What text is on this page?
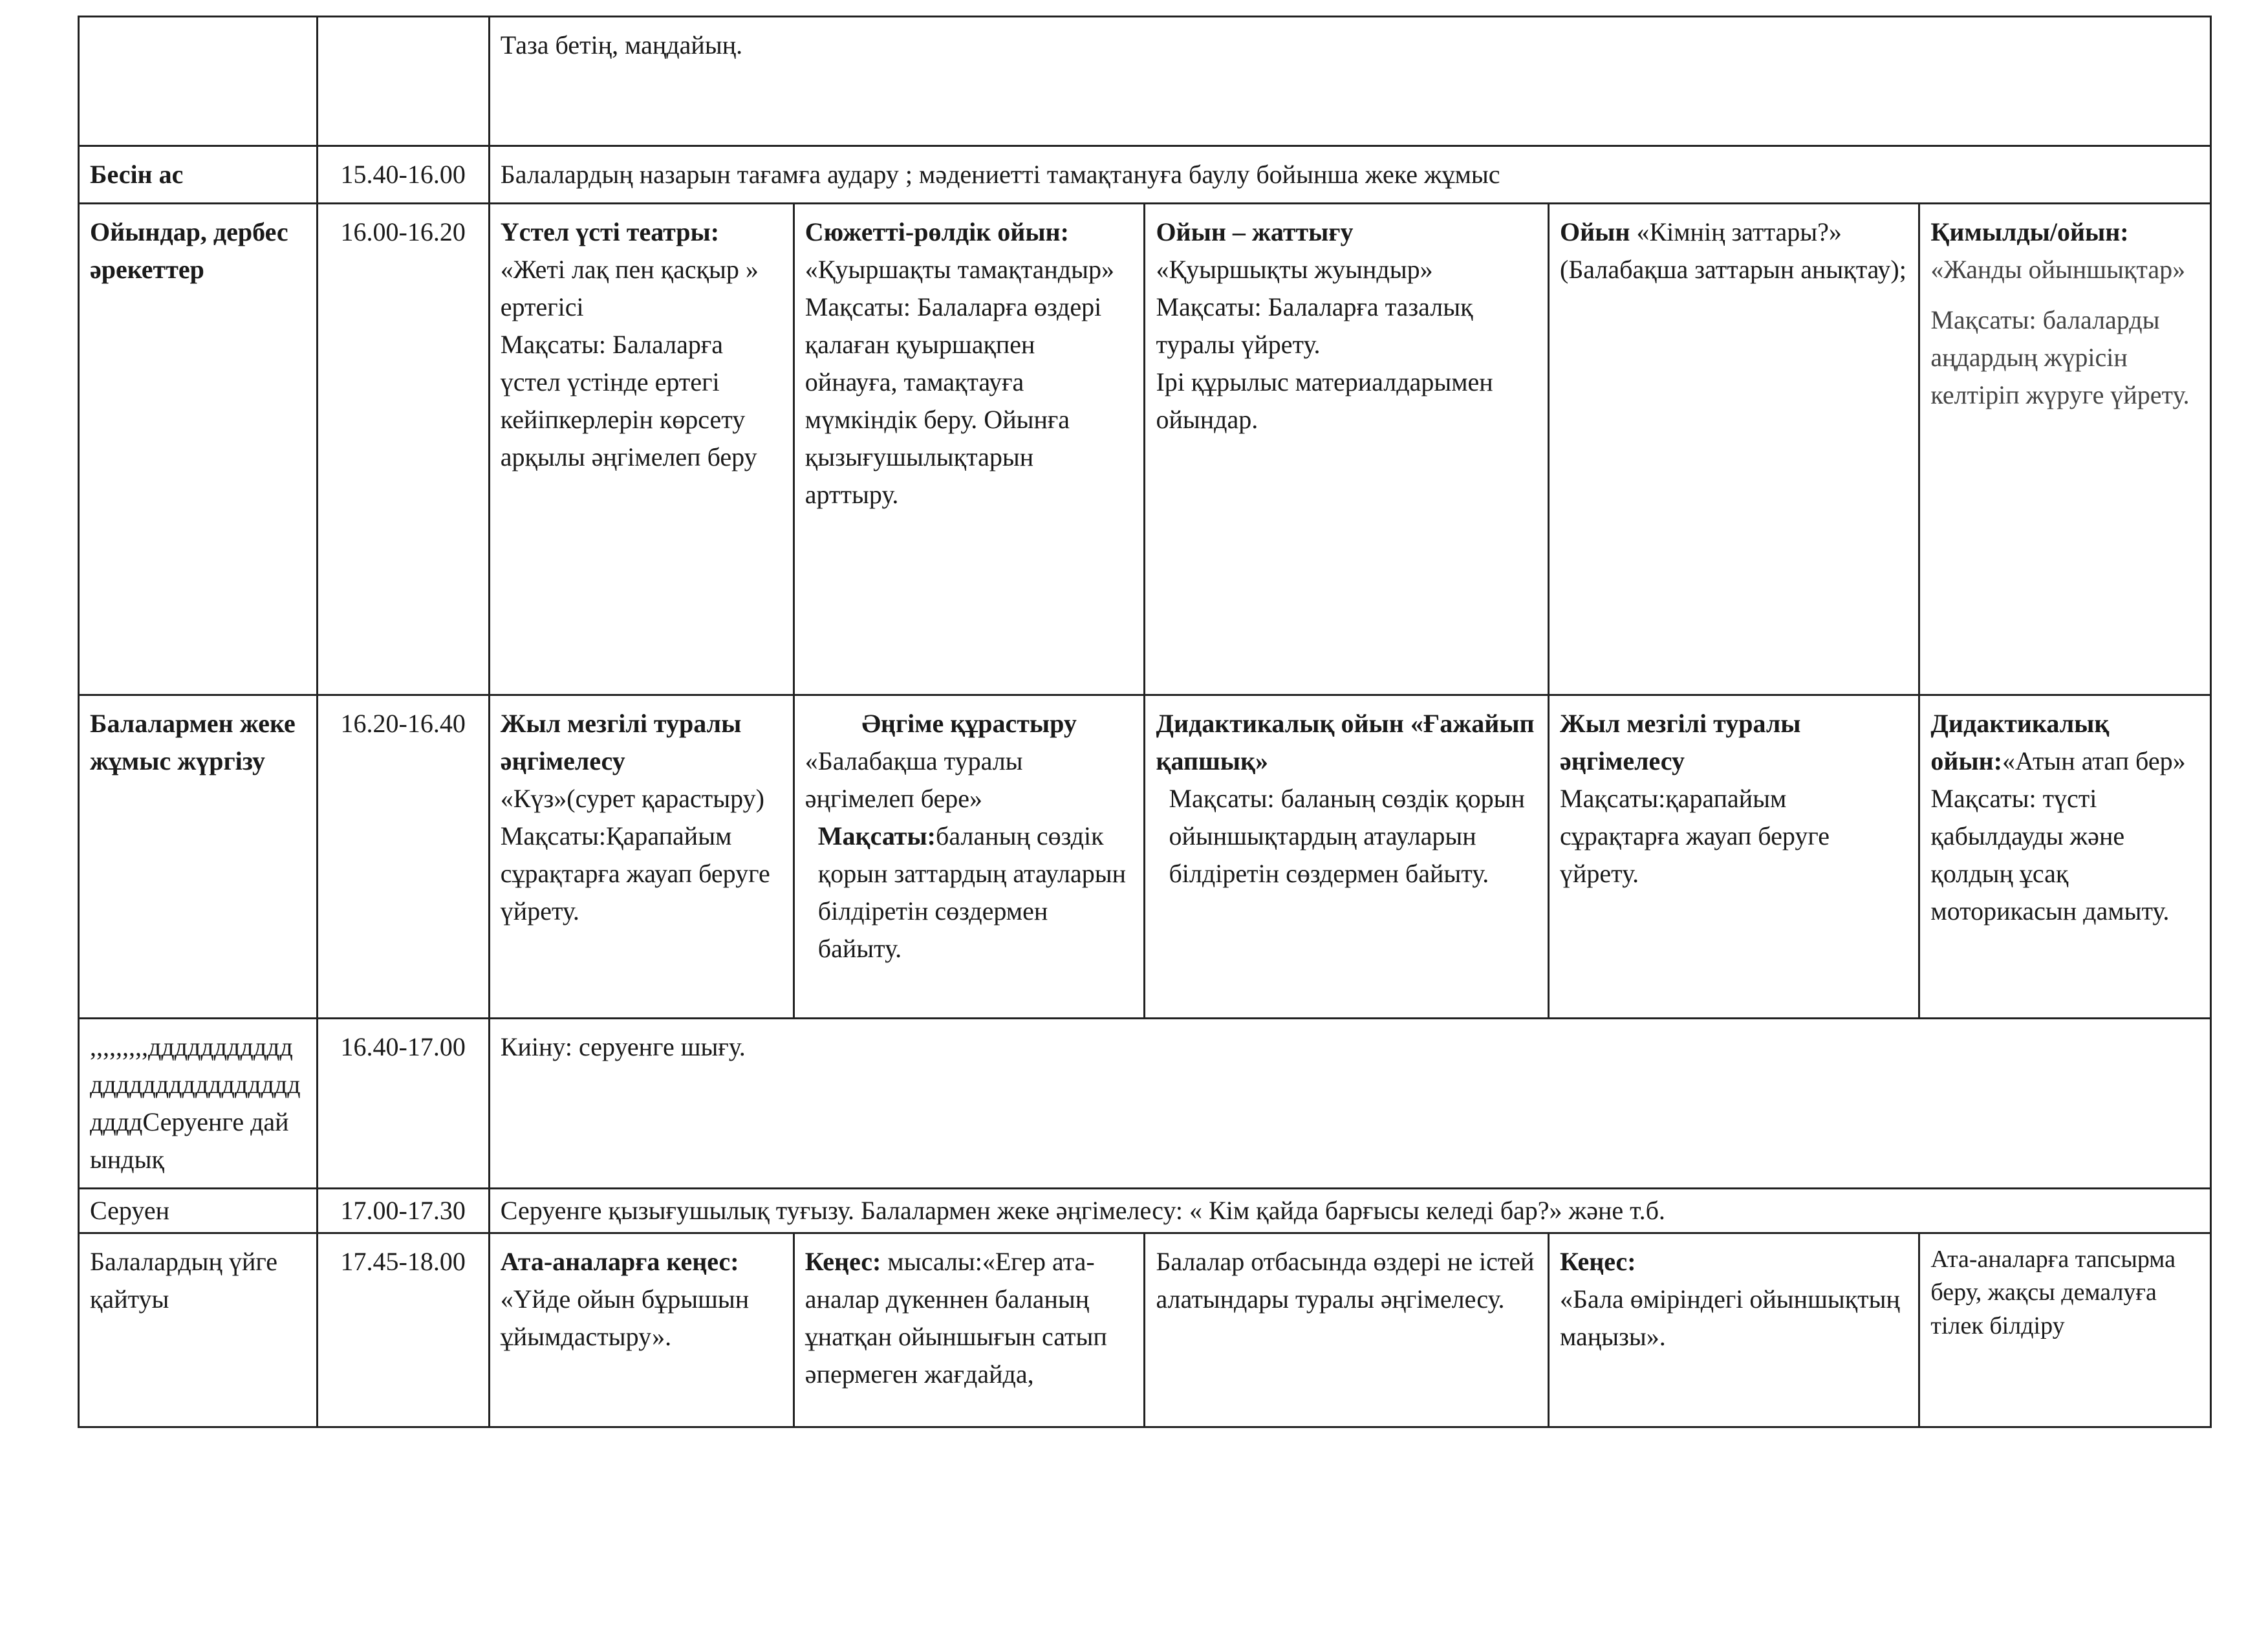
		Таза бетің, маңдайың.				

Бесін ас	15.40-16.00	Балалардың назарын тағамға аудару ; мәдениетті тамақтануға баулу бойынша жеке жұмыс				

Ойындар, дербес әрекеттер	16.00-16.20	Үстел үсті театры:
«Жеті лақ пен қасқыр » ертегісі
Мақсаты: Балаларға үстел үстінде ертегі кейіпкерлерін көрсету арқылы әңгімелеп беру	Сюжетті-рөлдік ойын:
«Қуыршақты тамақтандыр»
Мақсаты: Балаларға өздері қалаған қуыршақпен ойнауға, тамақтауға мүмкіндік беру. Ойынға қызығушылықтарын арттыру.	Ойын – жаттығу
«Қуыршықты жуындыр»
Мақсаты: Балаларға тазалық туралы үйрету.
Ірі құрылыс материалдарымен ойындар.	Ойын «Кімнің заттары?» (Балабақша заттарын анықтау);	Қимылды/ойын:
«Жанды ойыншықтар»
Мақсаты: балаларды аңдардың жүрісін келтіріп жүруге үйрету.

Балалармен жеке жұмыс жүргізу	16.20-16.40	Жыл мезгілі туралы әңгімелесу
«Күз»(сурет қарастыру)
Мақсаты:Қарапайым сұрақтарға жауап беруге үйрету.	Әңгіме құрастыру
«Балабақша туралы әңгімелеп бере»
Мақсаты:баланың сөздік қорын заттардың атауларын білдіретін сөздермен байыту.	Дидактикалық ойын «Ғажайып қапшық»
Мақсаты: баланың сөздік қорын ойыншықтардың атауларын білдіретін сөздермен байыту.	Жыл мезгілі туралы әңгімелесу
Мақсаты:қарапайым сұрақтарға жауап беруге үйрету.	Дидактикалық ойын:«Атын атап бер»
Мақсаты: түсті қабылдауды және қолдың ұсақ моторикасын дамыту.

,,,,,,,,,дддддддддддддддддддддддддддддддСеруенге дайындық	16.40-17.00	Киіну: серуенге шығу.				
Серуен	17.00-17.30	Серуенге қызығушылық туғызу. Балалармен жеке әңгімелесу: « Кім қайда барғысы келеді бар?» және т.б.				
Балалардың үйге қайтуы	17.45-18.00	Ата-аналарға кеңес:
«Үйде ойын бұрышын ұйымдастыру».	Кеңес: мысалы:«Егер ата-аналар дүкеннен баланың ұнатқан ойыншығын сатып әпермеген жағдайда,	Балалар отбасында өздері не істей алатындары туралы әңгімелесу.	Кеңес:
«Бала өміріндегі ойыншықтың маңызы».	Ата-аналарға тапсырма беру, жақсы демалуға тілек білдіру
